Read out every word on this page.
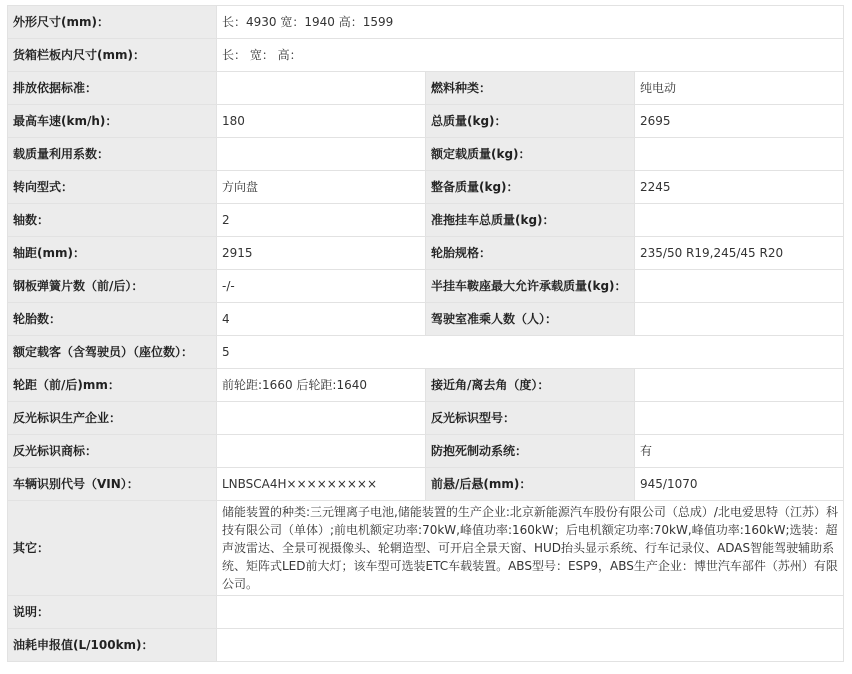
外形尺寸(mm)：	长：4930 宽：1940 高：1599		
货箱栏板内尺寸(mm)：	长： 宽： 高：		
排放依据标准：		燃料种类：	纯电动
最高车速(km/h)：	180	总质量(kg)：	2695
载质量利用系数：		额定载质量(kg)：	
转向型式：	方向盘	整备质量(kg)：	2245
轴数：	2	准拖挂车总质量(kg)：	
轴距(mm)：	2915	轮胎规格：	235/50 R19,245/45 R20
钢板弹簧片数（前/后）：	-/-	半挂车鞍座最大允许承载质量(kg)：	
轮胎数：	4	驾驶室准乘人数（人）：	
额定载客（含驾驶员）（座位数）：	5		
轮距（前/后)mm：	前轮距:1660 后轮距:1640	接近角/离去角（度）：	
反光标识生产企业：		反光标识型号：	
反光标识商标：		防抱死制动系统：	有
车辆识别代号（VIN）：	LNBSCA4H×××××××××	前悬/后悬(mm)：	945/1070
其它：	储能装置的种类:三元锂离子电池,储能装置的生产企业:北京新能源汽车股份有限公司（总成）/北电爱思特（江苏）科技有限公司（单体）;前电机额定功率:70kW,峰值功率:160kW；后电机额定功率:70kW,峰值功率:160kW;选装：超声波雷达、全景可视摄像头、轮辋造型、可开启全景天窗、HUD抬头显示系统、行车记录仪、ADAS智能驾驶辅助系统、矩阵式LED前大灯；该车型可选装ETC车载装置。ABS型号：ESP9，ABS生产企业：博世汽车部件（苏州）有限公司。		
说明：			
油耗申报值(L/100km)：			
